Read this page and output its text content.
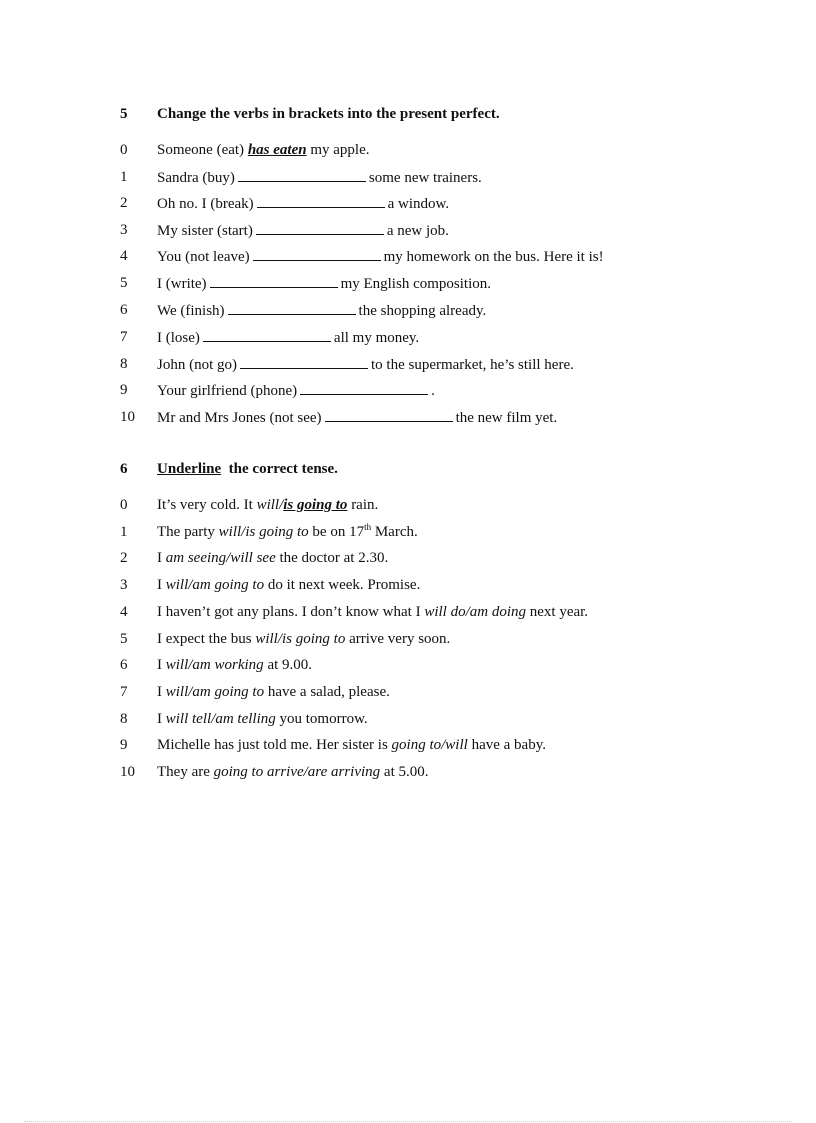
5 Change the verbs in brackets into the present perfect.
0 Someone (eat) has eaten my apple.
1 Sandra (buy)	some new trainers.
2 Oh no. I (break)	a window.
3 My sister (start)	a new job.
4 You (not leave)	my homework on the bus. Here it is!
5 I (write)	my English composition.
6 We (finish)	the shopping already.
7 I (lose)	all my money.
8 John (not go)	to the supermarket, he’s still here.
9 Your girlfriend (phone)	.
10 Mr and Mrs Jones (not see)	the new film yet.
6 Underline the correct tense.
0 It’s very cold. It will/is going to rain.
1 The party will/is going to be on 17th March.
2 I am seeing/will see the doctor at 2.30.
3 I will/am going to do it next week. Promise.
4 I haven’t got any plans. I don’t know what I will do/am doing next year.
5 I expect the bus will/is going to arrive very soon.
6 I will/am working at 9.00.
7 I will/am going to have a salad, please.
8 I will tell/am telling you tomorrow.
9 Michelle has just told me. Her sister is going to/will have a baby.
10 They are going to arrive/are arriving at 5.00.
